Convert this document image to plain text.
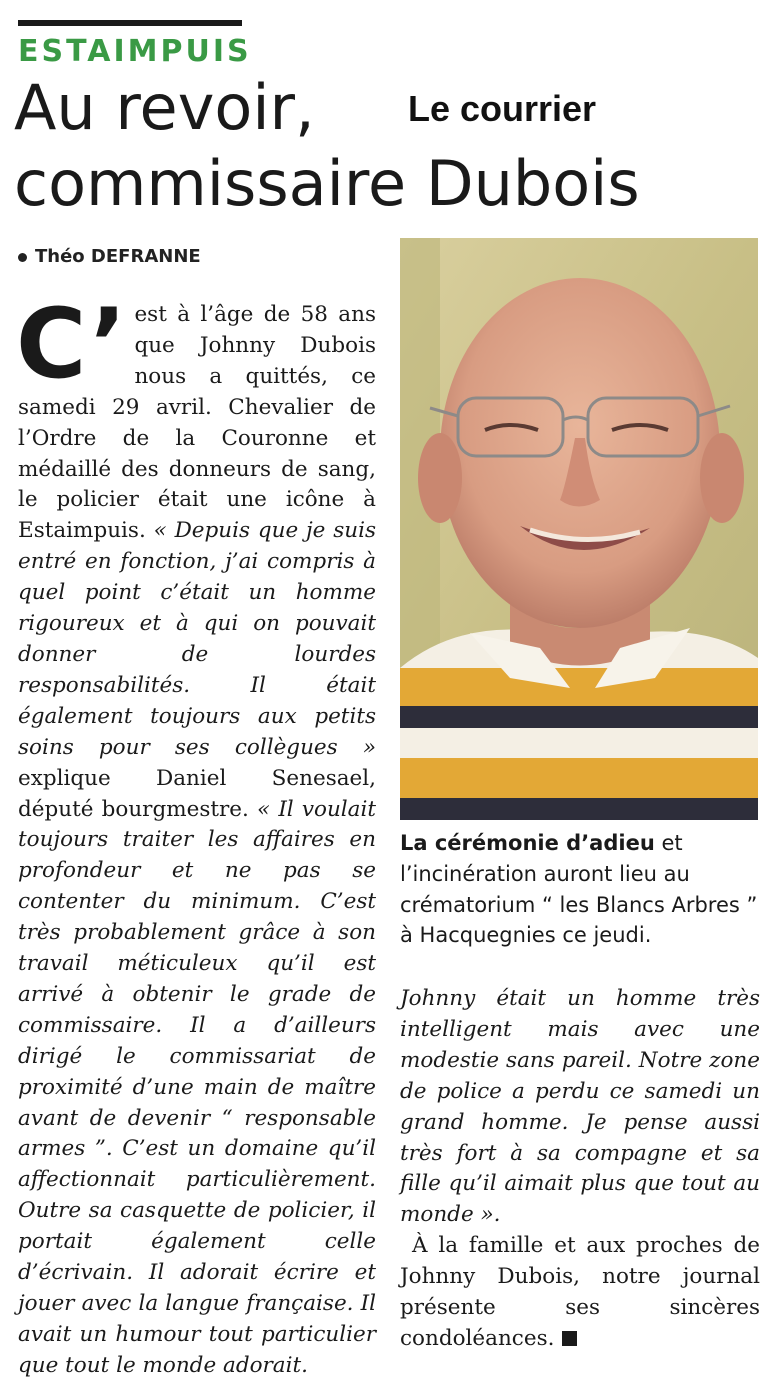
ESTAIMPUIS
Au revoir,
commissaire Dubois
Le courrier
Théo DEFRANNE

C’ est à l’âge de 58 ans que Johnny Dubois nous a quittés, ce samedi 29 avril. Chevalier de l’Ordre de la Couronne et médaillé des donneurs de sang, le policier était une icône à Estaimpuis. « Depuis que je suis entré en fonction, j’ai compris à quel point c’était un homme rigoureux et à qui on pouvait donner de lourdes responsabilités. Il était également toujours aux petits soins pour ses collègues » explique Daniel Senesael, député bourgmestre. « Il voulait toujours traiter les affaires en profondeur et ne pas se contenter du minimum. C’est très probablement grâce à son travail méticuleux qu’il est arrivé à obtenir le grade de commissaire. Il a d’ailleurs dirigé le commissariat de proximité d’une main de maître avant de devenir “ responsable armes ”. C’est un domaine qu’il affectionnait particulièrement. Outre sa casquette de policier, il portait également celle d’écrivain. Il adorait écrire et jouer avec la langue française. Il avait un humour tout particulier que tout le monde adorait.

La cérémonie d’adieu et l’incinération auront lieu au crématorium “ les Blancs Arbres ” à Hacquegnies ce jeudi.

Johnny était un homme très intelligent mais avec une modestie sans pareil. Notre zone de police a perdu ce samedi un grand homme. Je pense aussi très fort à sa compagne et sa fille qu’il aimait plus que tout au monde ».

À la famille et aux proches de Johnny Dubois, notre journal présente ses sincères condoléances.
